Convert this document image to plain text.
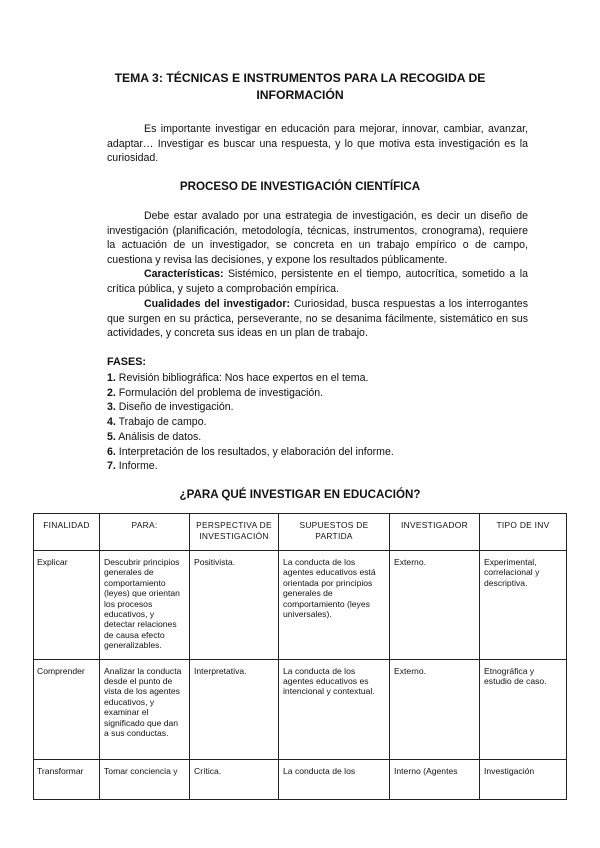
TEMA 3: TÉCNICAS E INSTRUMENTOS PARA LA RECOGIDA DE INFORMACIÓN

Es importante investigar en educación para mejorar, innovar, cambiar, avanzar, adaptar… Investigar es buscar una respuesta, y lo que motiva esta investigación es la curiosidad.

PROCESO DE INVESTIGACIÓN CIENTÍFICA

Debe estar avalado por una estrategia de investigación, es decir un diseño de investigación (planificación, metodología, técnicas, instrumentos, cronograma), requiere la actuación de un investigador, se concreta en un trabajo empírico o de campo, cuestiona y revisa las decisiones, y expone los resultados públicamente.

Características: Sistémico, persistente en el tiempo, autocrítica, sometido a la crítica pública, y sujeto a comprobación empírica.

Cualidades del investigador: Curiosidad, busca respuestas a los interrogantes que surgen en su práctica, perseverante, no se desanima fácilmente, sistemático en sus actividades, y concreta sus ideas en un plan de trabajo.

FASES:

1. Revisión bibliográfica: Nos hace expertos en el tema.
2. Formulación del problema de investigación.
3. Diseño de investigación.
4. Trabajo de campo.
5. Análisis de datos.
6. Interpretación de los resultados, y elaboración del informe.
7. Informe.
¿PARA QUÉ INVESTIGAR EN EDUCACIÓN?
FINALIDAD	PARA:	PERSPECTIVA DE INVESTIGACIÓN	SUPUESTOS DE PARTIDA	INVESTIGADOR	TIPO DE INV
Explicar	Descubrir principios generales de comportamiento (leyes) que orientan los procesos educativos, y detectar relaciones de causa efecto generalizables.	Positivista.	La conducta de los agentes educativos está orientada por principios generales de comportamiento (leyes universales).	Externo.	Experimental, correlacional y descriptiva.
Comprender	Analizar la conducta desde el punto de vista de los agentes educativos, y examinar el significado que dan a sus conductas.	Interpretativa.	La conducta de los agentes educativos es intencional y contextual.	Externo.	Etnográfica y estudio de caso.
Transformar	Tomar conciencia y	Crítica.	La conducta de los	Interno (Agentes	Investigación
